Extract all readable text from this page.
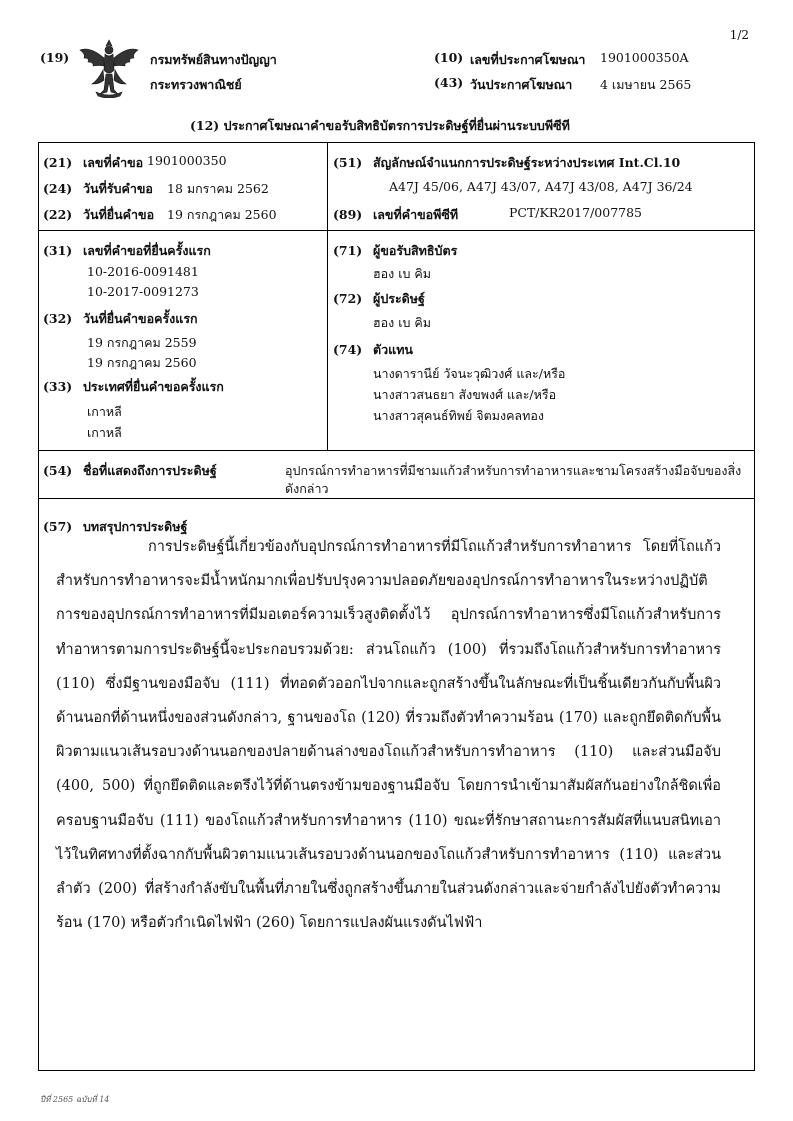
1/2
(19)	กรมทรัพย์สินทางปัญญา
กระทรวงพาณิชย์
(10) เลขที่ประกาศโฆษณา 1901000350A
(43) วันประกาศโฆษณา 4 เมษายน 2565
(12) ประกาศโฆษณาคำขอรับสิทธิบัตรการประดิษฐ์ที่ยื่นผ่านระบบพีซีที
(21) เลขที่คำขอ 1901000350
(24) วันที่รับคำขอ 18 มกราคม 2562
(22) วันที่ยื่นคำขอ 19 กรกฎาคม 2560
(51) สัญลักษณ์จำแนกการประดิษฐ์ระหว่างประเทศ Int.Cl.10
A47J 45/06, A47J 43/07, A47J 43/08, A47J 36/24
(89) เลขที่คำขอพีซีที	PCT/KR2017/007785
(31) เลขที่คำขอที่ยื่นครั้งแรก
10-2016-0091481
10-2017-0091273
(32) วันที่ยื่นคำขอครั้งแรก
19 กรกฎาคม 2559
19 กรกฎาคม 2560
(33) ประเทศที่ยื่นคำขอครั้งแรก
เกาหลี
เกาหลี
(71) ผู้ขอรับสิทธิบัตร
ฮอง เบ คิม
(72) ผู้ประดิษฐ์
ฮอง เบ คิม
(74) ตัวแทน
นางดารานีย์ วัจนะวุฒิวงศ์ และ/หรือ
นางสาวสนธยา สังขพงศ์ และ/หรือ
นางสาวสุคนธ์ทิพย์ จิตมงคลทอง
(54) ชื่อที่แสดงถึงการประดิษฐ์	อุปกรณ์การทำอาหารที่มีชามแก้วสำหรับการทำอาหารและชามโครงสร้างมือจับของสิ่ง
ดังกล่าว
(57) บทสรุปการประดิษฐ์

การประดิษฐ์นี้เกี่ยวข้องกับอุปกรณ์การทำอาหารที่มีโถแก้วสำหรับการทำอาหาร โดยที่โถแก้วสำหรับการทำอาหารจะมีน้ำหนักมากเพื่อปรับปรุงความปลอดภัยของอุปกรณ์การทำอาหารในระหว่างปฏิบัติการของอุปกรณ์การทำอาหารที่มีมอเตอร์ความเร็วสูงติดตั้งไว้ อุปกรณ์การทำอาหารซึ่งมีโถแก้วสำหรับการทำอาหารตามการประดิษฐ์นี้จะประกอบรวมด้วย: ส่วนโถแก้ว (100) ที่รวมถึงโถแก้วสำหรับการทำอาหาร (110) ซึ่งมีฐานของมือจับ (111) ที่ทอดตัวออกไปจากและถูกสร้างขึ้นในลักษณะที่เป็นชิ้นเดียวกันกับพื้นผิวด้านนอกที่ด้านหนึ่งของส่วนดังกล่าว, ฐานของโถ (120) ที่รวมถึงตัวทำความร้อน (170) และถูกยึดติดกับพื้นผิวตามแนวเส้นรอบวงด้านนอกของปลายด้านล่างของโถแก้วสำหรับการทำอาหาร (110) และส่วนมือจับ (400, 500) ที่ถูกยึดติดและตรึงไว้ที่ด้านตรงข้ามของฐานมือจับ โดยการนำเข้ามาสัมผัสกันอย่างใกล้ชิดเพื่อครอบฐานมือจับ (111) ของโถแก้วสำหรับการทำอาหาร (110) ขณะที่รักษาสถานะการสัมผัสที่แนบสนิทเอาไว้ในทิศทางที่ตั้งฉากกับพื้นผิวตามแนวเส้นรอบวงด้านนอกของโถแก้วสำหรับการทำอาหาร (110) และส่วนลำตัว (200) ที่สร้างกำลังขับในพื้นที่ภายในซึ่งถูกสร้างขึ้นภายในส่วนดังกล่าวและจ่ายกำลังไปยังตัวทำความร้อน (170) หรือตัวกำเนิดไฟฟ้า (260) โดยการแปลงผันแรงดันไฟฟ้า

ปีที่ 2565 ฉบับที่ 14
